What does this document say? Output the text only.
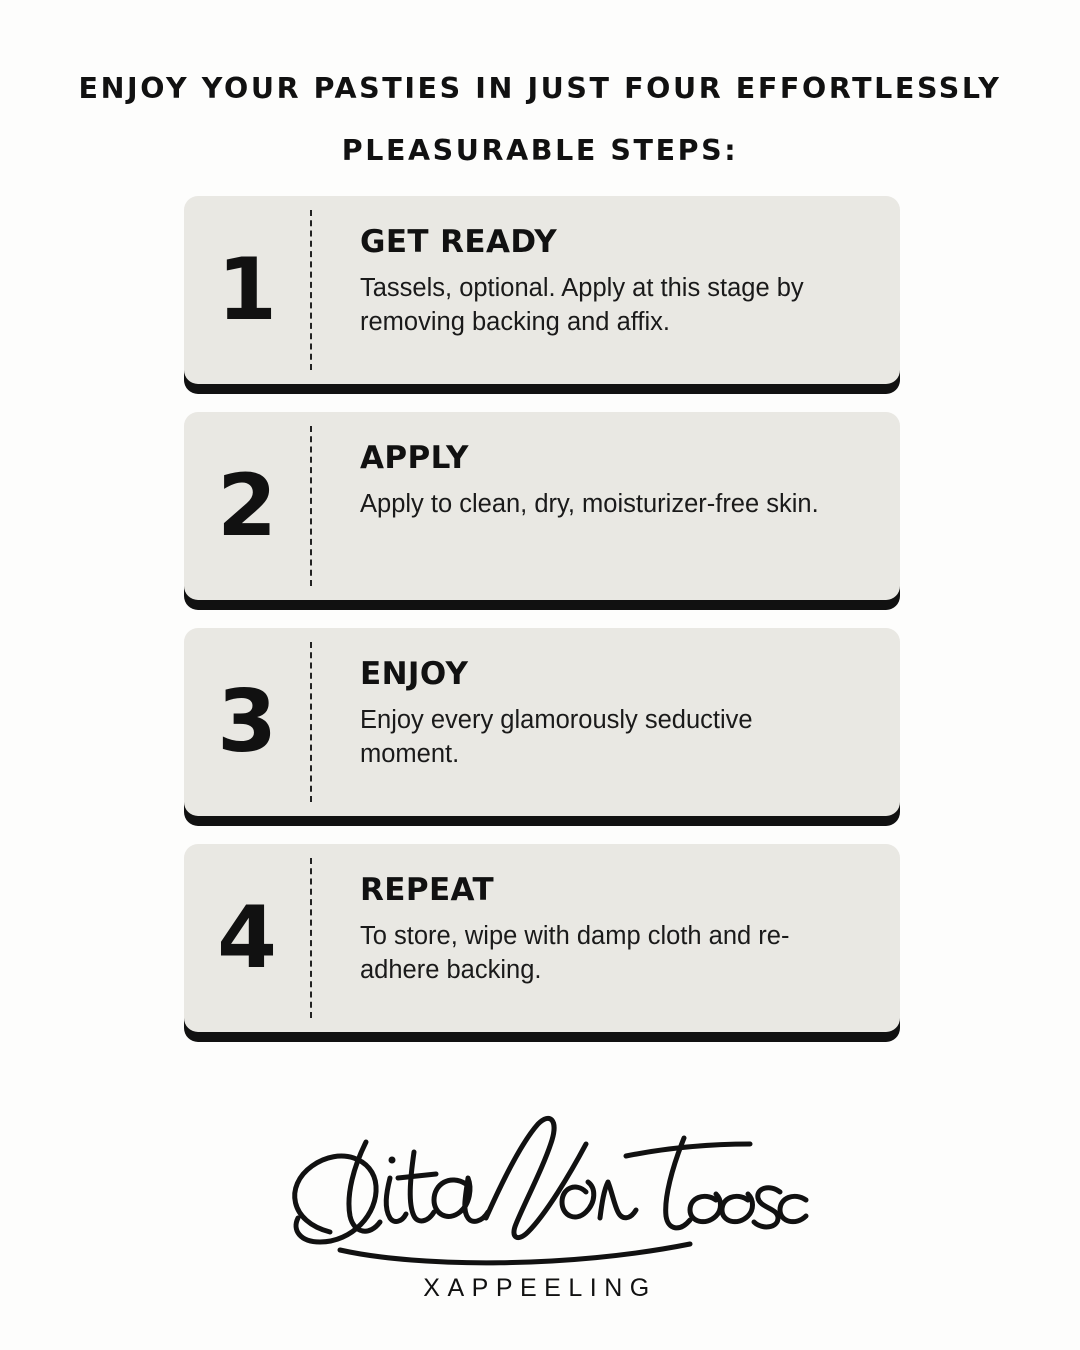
ENJOY YOUR PASTIES IN JUST FOUR EFFORTLESSLY
PLEASURABLE STEPS:
1	GET READY
Tassels, optional. Apply at this stage by removing backing and affix.
2	APPLY
Apply to clean, dry, moisturizer-free skin.
3	ENJOY
Enjoy every glamorously seductive moment.
4	REPEAT
To store, wipe with damp cloth and re-adhere backing.
XAPPEELING
